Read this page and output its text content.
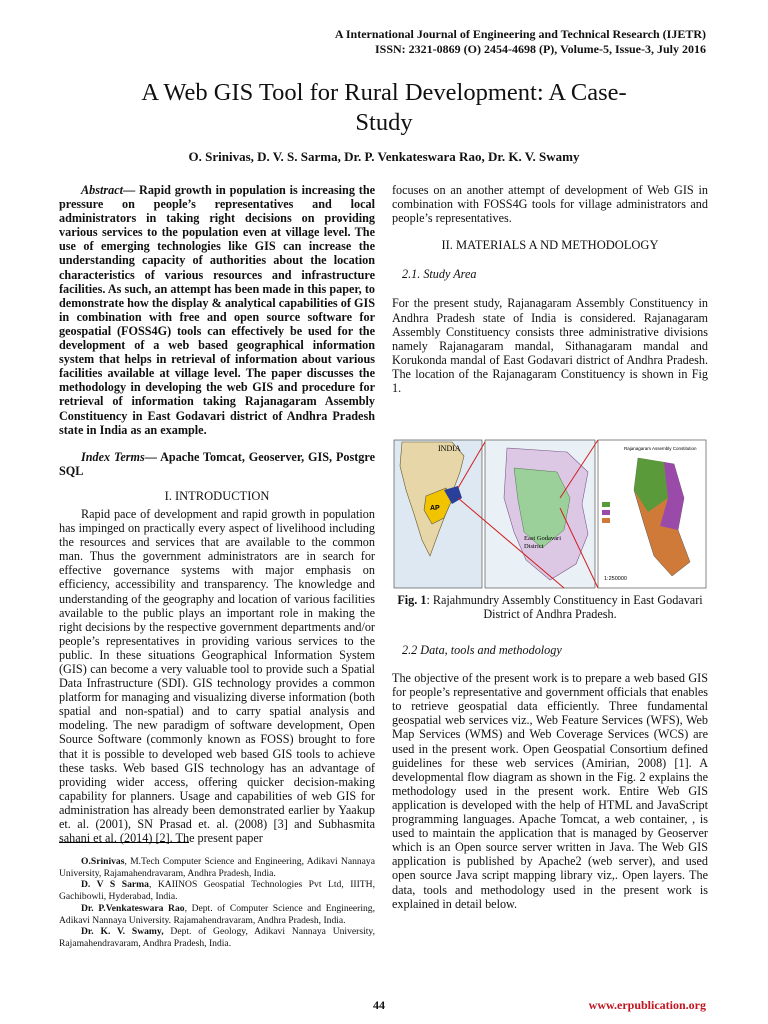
A International Journal of Engineering and Technical Research (IJETR)
ISSN: 2321-0869 (O) 2454-4698 (P), Volume-5, Issue-3, July 2016
A Web GIS Tool for Rural Development: A Case-
Study
O. Srinivas, D. V. S. Sarma, Dr. P. Venkateswara Rao, Dr. K. V. Swamy

Abstract— Rapid growth in population is increasing the pressure on people’s representatives and local administrators in taking right decisions on providing various services to the population even at village level. The use of emerging technologies like GIS can increase the understanding capacity of authorities about the location characteristics of various resources and infrastructure facilities. As such, an attempt has been made in this paper, to demonstrate how the display & analytical capabilities of GIS in combination with free and open source software for geospatial (FOSS4G) tools can effectively be used for the development of a web based geographical information system that helps in retrieval of information about various facilities available at village level. The paper discusses the methodology in developing the web GIS and procedure for retrieval of information taking Rajanagaram Assembly Constituency in East Godavari district of Andhra Pradesh state in India as an example.

Index Terms— Apache Tomcat, Geoserver, GIS, Postgre SQL

I. INTRODUCTION

Rapid pace of development and rapid growth in population has impinged on practically every aspect of livelihood including the resources and services that are available to the common man. Thus the government administrators are in search for effective governance systems with major emphasis on efficiency, accessibility and transparency. The knowledge and understanding of the geography and location of various facilities available to the public plays an important role in making the right decisions by the respective government departments and/or people’s representatives in providing various services to the public. In these situations Geographical Information System (GIS) can become a very valuable tool to provide such a Spatial Data Infrastructure (SDI). GIS technology provides a common platform for managing and visualizing diverse information (both spatial and non-spatial) and to carry spatial analysis and modeling. The new paradigm of software development, Open Source Software (commonly known as FOSS) brought to fore that it is possible to developed web based GIS tools to achieve these tasks. Web based GIS technology has an advantage of providing wider access, offering quicker decision-making capability for planners. Usage and capabilities of web GIS for administration has already been demonstrated earlier by Yaakup et. al. (2001), SN Prasad et. al. (2008) [3] and Subhasmita sahani et al. (2014) [2]. The present paper

O.Srinivas, M.Tech Computer Science and Engineering, Adikavi Nannaya University, Rajamahendravaram, Andhra Pradesh, India.

D. V S Sarma, KAIINOS Geospatial Technologies Pvt Ltd, IIITH, Gachibowli, Hyderabad, India.

Dr. P.Venkateswara Rao, Dept. of Computer Science and Engineering, Adikavi Nannaya University. Rajamahendravaram, Andhra Pradesh, India.

Dr. K. V. Swamy, Dept. of Geology, Adikavi Nannaya University, Rajamahendravaram, Andhra Pradesh, India.

focuses on an another attempt of development of Web GIS in combination with FOSS4G tools for village administrators and people’s representatives.

II. MATERIALS A ND METHODOLOGY

2.1. Study Area

For the present study, Rajanagaram Assembly Constituency in Andhra Pradesh state of India is considered. Rajanagaram Assembly Constituency consists three administrative divisions namely Rajanagaram mandal, Sithanagaram mandal and Korukonda mandal of East Godavari district of Andhra Pradesh. The location of the Rajanagaram Constituency is shown in Fig 1.

INDIA
AP
East Godavari
District
Rajanagaram Assembly Constitution
1:250000
Fig. 1: Rajahmundry Assembly Constituency in East Godavari District of Andhra Pradesh.

2.2 Data, tools and methodology

The objective of the present work is to prepare a web based GIS for people’s representative and government officials that enables to retrieve geospatial data efficiently. Three fundamental geospatial web services viz., Web Feature Services (WFS), Web Map Services (WMS) and Web Coverage Services (WCS) are used in the present work. Open Geospatial Consortium defined guidelines for these web services (Amirian, 2008) [1]. A developmental flow diagram as shown in the Fig. 2 explains the methodology used in the present work. Entire Web GIS application is developed with the help of HTML and JavaScript programming languages. Apache Tomcat, a web container, , is used to maintain the application that is managed by Geoserver which is an Open source server written in Java. The Web GIS application is published by Apache2 (web server), and used open source Java script mapping library viz,. Open layers. The data, tools and methodology used in the present work is explained in detail below.

44	www.erpublication.org
